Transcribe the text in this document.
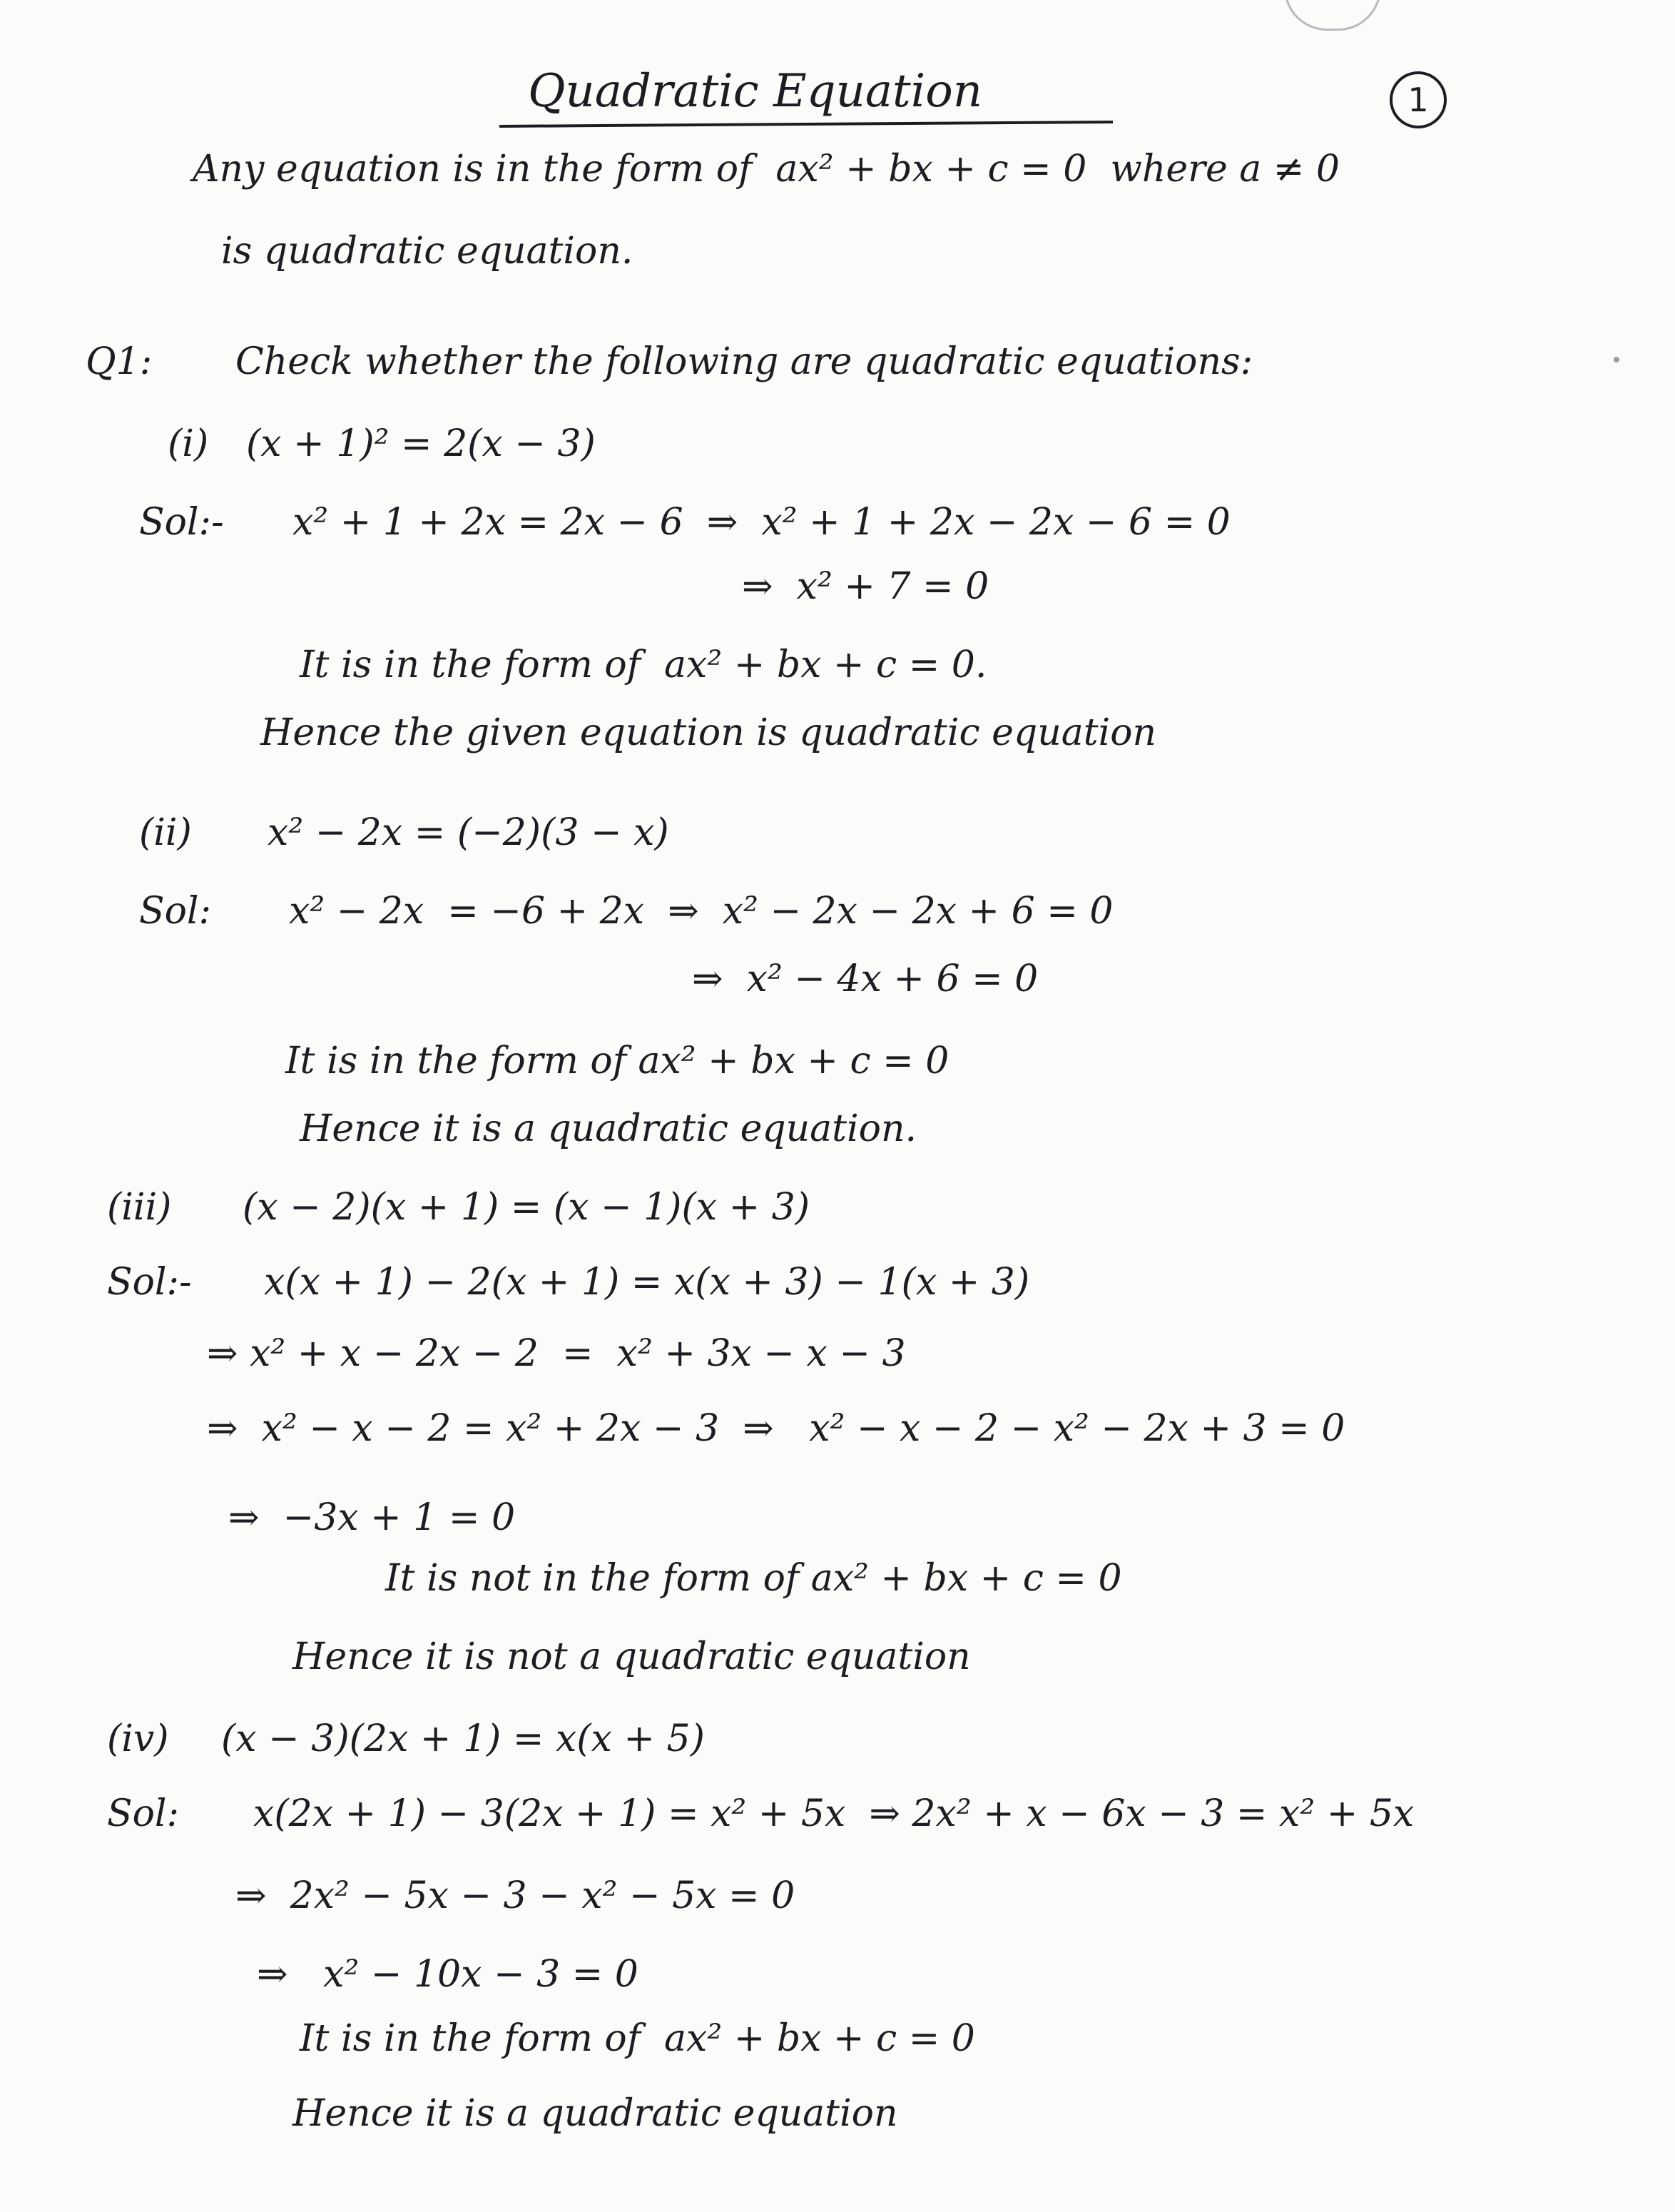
Quadratic Equation	1
Any equation is in the form of  ax² + bx + c = 0  where a ≠ 0
is quadratic equation.
Q1: Check whether the following are quadratic equations:
(i) (x + 1)² = 2(x − 3)
Sol:- x² + 1 + 2x = 2x − 6  ⇒  x² + 1 + 2x − 2x − 6 = 0
⇒  x² + 7 = 0
It is in the form of  ax² + bx + c = 0.
Hence the given equation is quadratic equation
(ii) x² − 2x = (−2)(3 − x)
Sol: x² − 2x  = −6 + 2x  ⇒  x² − 2x − 2x + 6 = 0
⇒  x² − 4x + 6 = 0
It is in the form of ax² + bx + c = 0
Hence it is a quadratic equation.
(iii) (x − 2)(x + 1) = (x − 1)(x + 3)
Sol:- x(x + 1) − 2(x + 1) = x(x + 3) − 1(x + 3)
⇒ x² + x − 2x − 2  =  x² + 3x − x − 3
⇒  x² − x − 2 = x² + 2x − 3  ⇒   x² − x − 2 − x² − 2x + 3 = 0
⇒  −3x + 1 = 0
It is not in the form of ax² + bx + c = 0
Hence it is not a quadratic equation
(iv) (x − 3)(2x + 1) = x(x + 5)
Sol: x(2x + 1) − 3(2x + 1) = x² + 5x  ⇒ 2x² + x − 6x − 3 = x² + 5x
⇒  2x² − 5x − 3 − x² − 5x = 0
⇒   x² − 10x − 3 = 0
It is in the form of  ax² + bx + c = 0
Hence it is a quadratic equation
